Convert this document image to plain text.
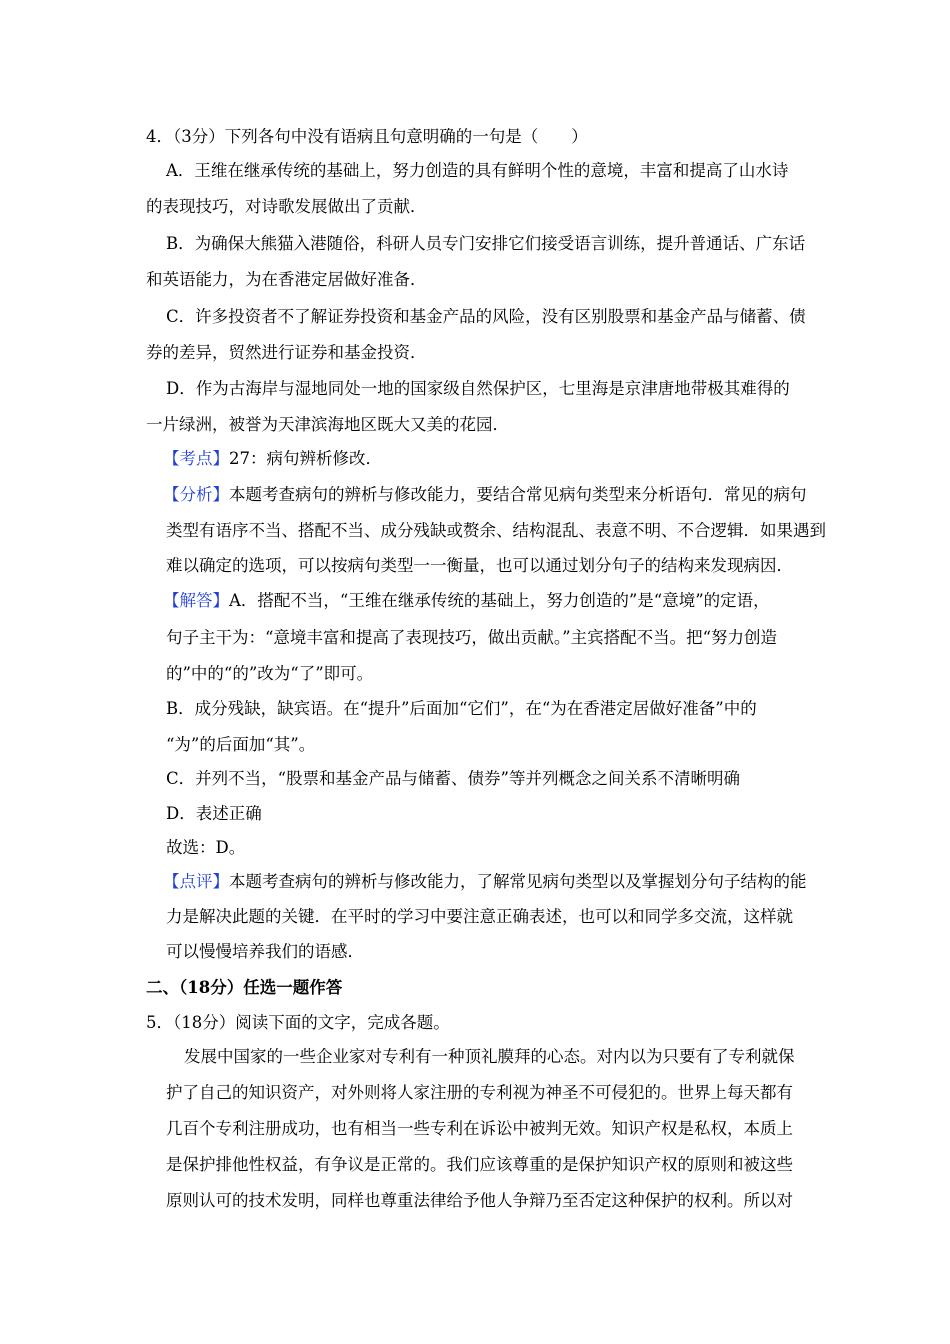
4．（3分）下列各句中没有语病且句意明确的一句是（　　）
A．王维在继承传统的基础上，努力创造的具有鲜明个性的意境，丰富和提高了山水诗
的表现技巧，对诗歌发展做出了贡献．
B．为确保大熊猫入港随俗，科研人员专门安排它们接受语言训练，提升普通话、广东话
和英语能力，为在香港定居做好准备．
C．许多投资者不了解证券投资和基金产品的风险，没有区别股票和基金产品与储蓄、债
券的差异，贸然进行证券和基金投资．
D．作为古海岸与湿地同处一地的国家级自然保护区，七里海是京津唐地带极其难得的
一片绿洲，被誉为天津滨海地区既大又美的花园．
【考点】27：病句辨析修改．
【分析】本题考查病句的辨析与修改能力，要结合常见病句类型来分析语句．常见的病句
类型有语序不当、搭配不当、成分残缺或赘余、结构混乱、表意不明、不合逻辑．如果遇到
难以确定的选项，可以按病句类型一一衡量，也可以通过划分句子的结构来发现病因．
【解答】A．搭配不当，“王维在继承传统的基础上，努力创造的”是“意境”的定语，
句子主干为：“意境丰富和提高了表现技巧，做出贡献。”主宾搭配不当。把“努力创造
的”中的“的”改为“了”即可。
B．成分残缺，缺宾语。在“提升”后面加“它们”，在“为在香港定居做好准备”中的
“为”的后面加“其”。
C．并列不当，“股票和基金产品与储蓄、债券”等并列概念之间关系不清晰明确
D．表述正确
故选：D。
【点评】本题考查病句的辨析与修改能力，了解常见病句类型以及掌握划分句子结构的能
力是解决此题的关键．在平时的学习中要注意正确表述，也可以和同学多交流，这样就
可以慢慢培养我们的语感．
二、（18分）任选一题作答
5．（18分）阅读下面的文字，完成各题。
发展中国家的一些企业家对专利有一种顶礼膜拜的心态。对内以为只要有了专利就保
护了自己的知识资产，对外则将人家注册的专利视为神圣不可侵犯的。世界上每天都有
几百个专利注册成功，也有相当一些专利在诉讼中被判无效。知识产权是私权，本质上
是保护排他性权益，有争议是正常的。我们应该尊重的是保护知识产权的原则和被这些
原则认可的技术发明，同样也尊重法律给予他人争辩乃至否定这种保护的权利。所以对
